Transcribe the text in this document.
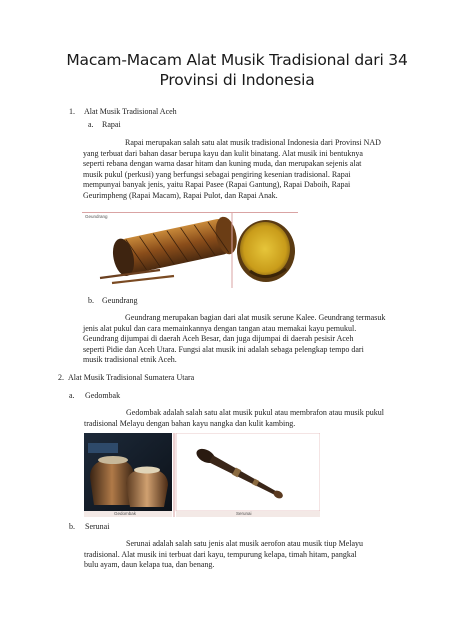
Macam-Macam Alat Musik Tradisional dari 34
Provinsi di Indonesia
1. Alat Musik Tradisional Aceh
a. Rapai
Rapai merupakan salah satu alat musik tradisional Indonesia dari Provinsi NAD
yang terbuat dari bahan dasar berupa kayu dan kulit binatang. Alat musik ini bentuknya
seperti rebana dengan warna dasar hitam dan kuning muda, dan merupakan sejenis alat
musik pukul (perkusi) yang berfungsi sebagai pengiring kesenian tradisional. Rapai
mempunyai banyak jenis, yaitu Rapai Pasee (Rapai Gantung), Rapai Daboih, Rapai
Geurimpheng (Rapai Macam), Rapai Pulot, dan Rapai Anak.
Geundrang
b. Geundrang
Geundrang merupakan bagian dari alat musik serune Kalee. Geundrang termasuk
jenis alat pukul dan cara memainkannya dengan tangan atau memakai kayu pemukul.
Geundrang dijumpai di daerah Aceh Besar, dan juga dijumpai di daerah pesisir Aceh
seperti Pidie dan Aceh Utara. Fungsi alat musik ini adalah sebaga pelengkap tempo dari
musik tradisional etnik Aceh.
2. Alat Musik Tradisional Sumatera Utara
a. Gedombak
Gedombak adalah salah satu alat musik pukul atau membrafon atau musik pukul
tradisional Melayu dengan bahan kayu nangka dan kulit kambing.
Gedombak	Serunai
b. Serunai
Serunai adalah salah satu jenis alat musik aerofon atau musik tiup Melayu
tradisional. Alat musik ini terbuat dari kayu, tempurung kelapa, timah hitam, pangkal
bulu ayam, daun kelapa tua, dan benang.
